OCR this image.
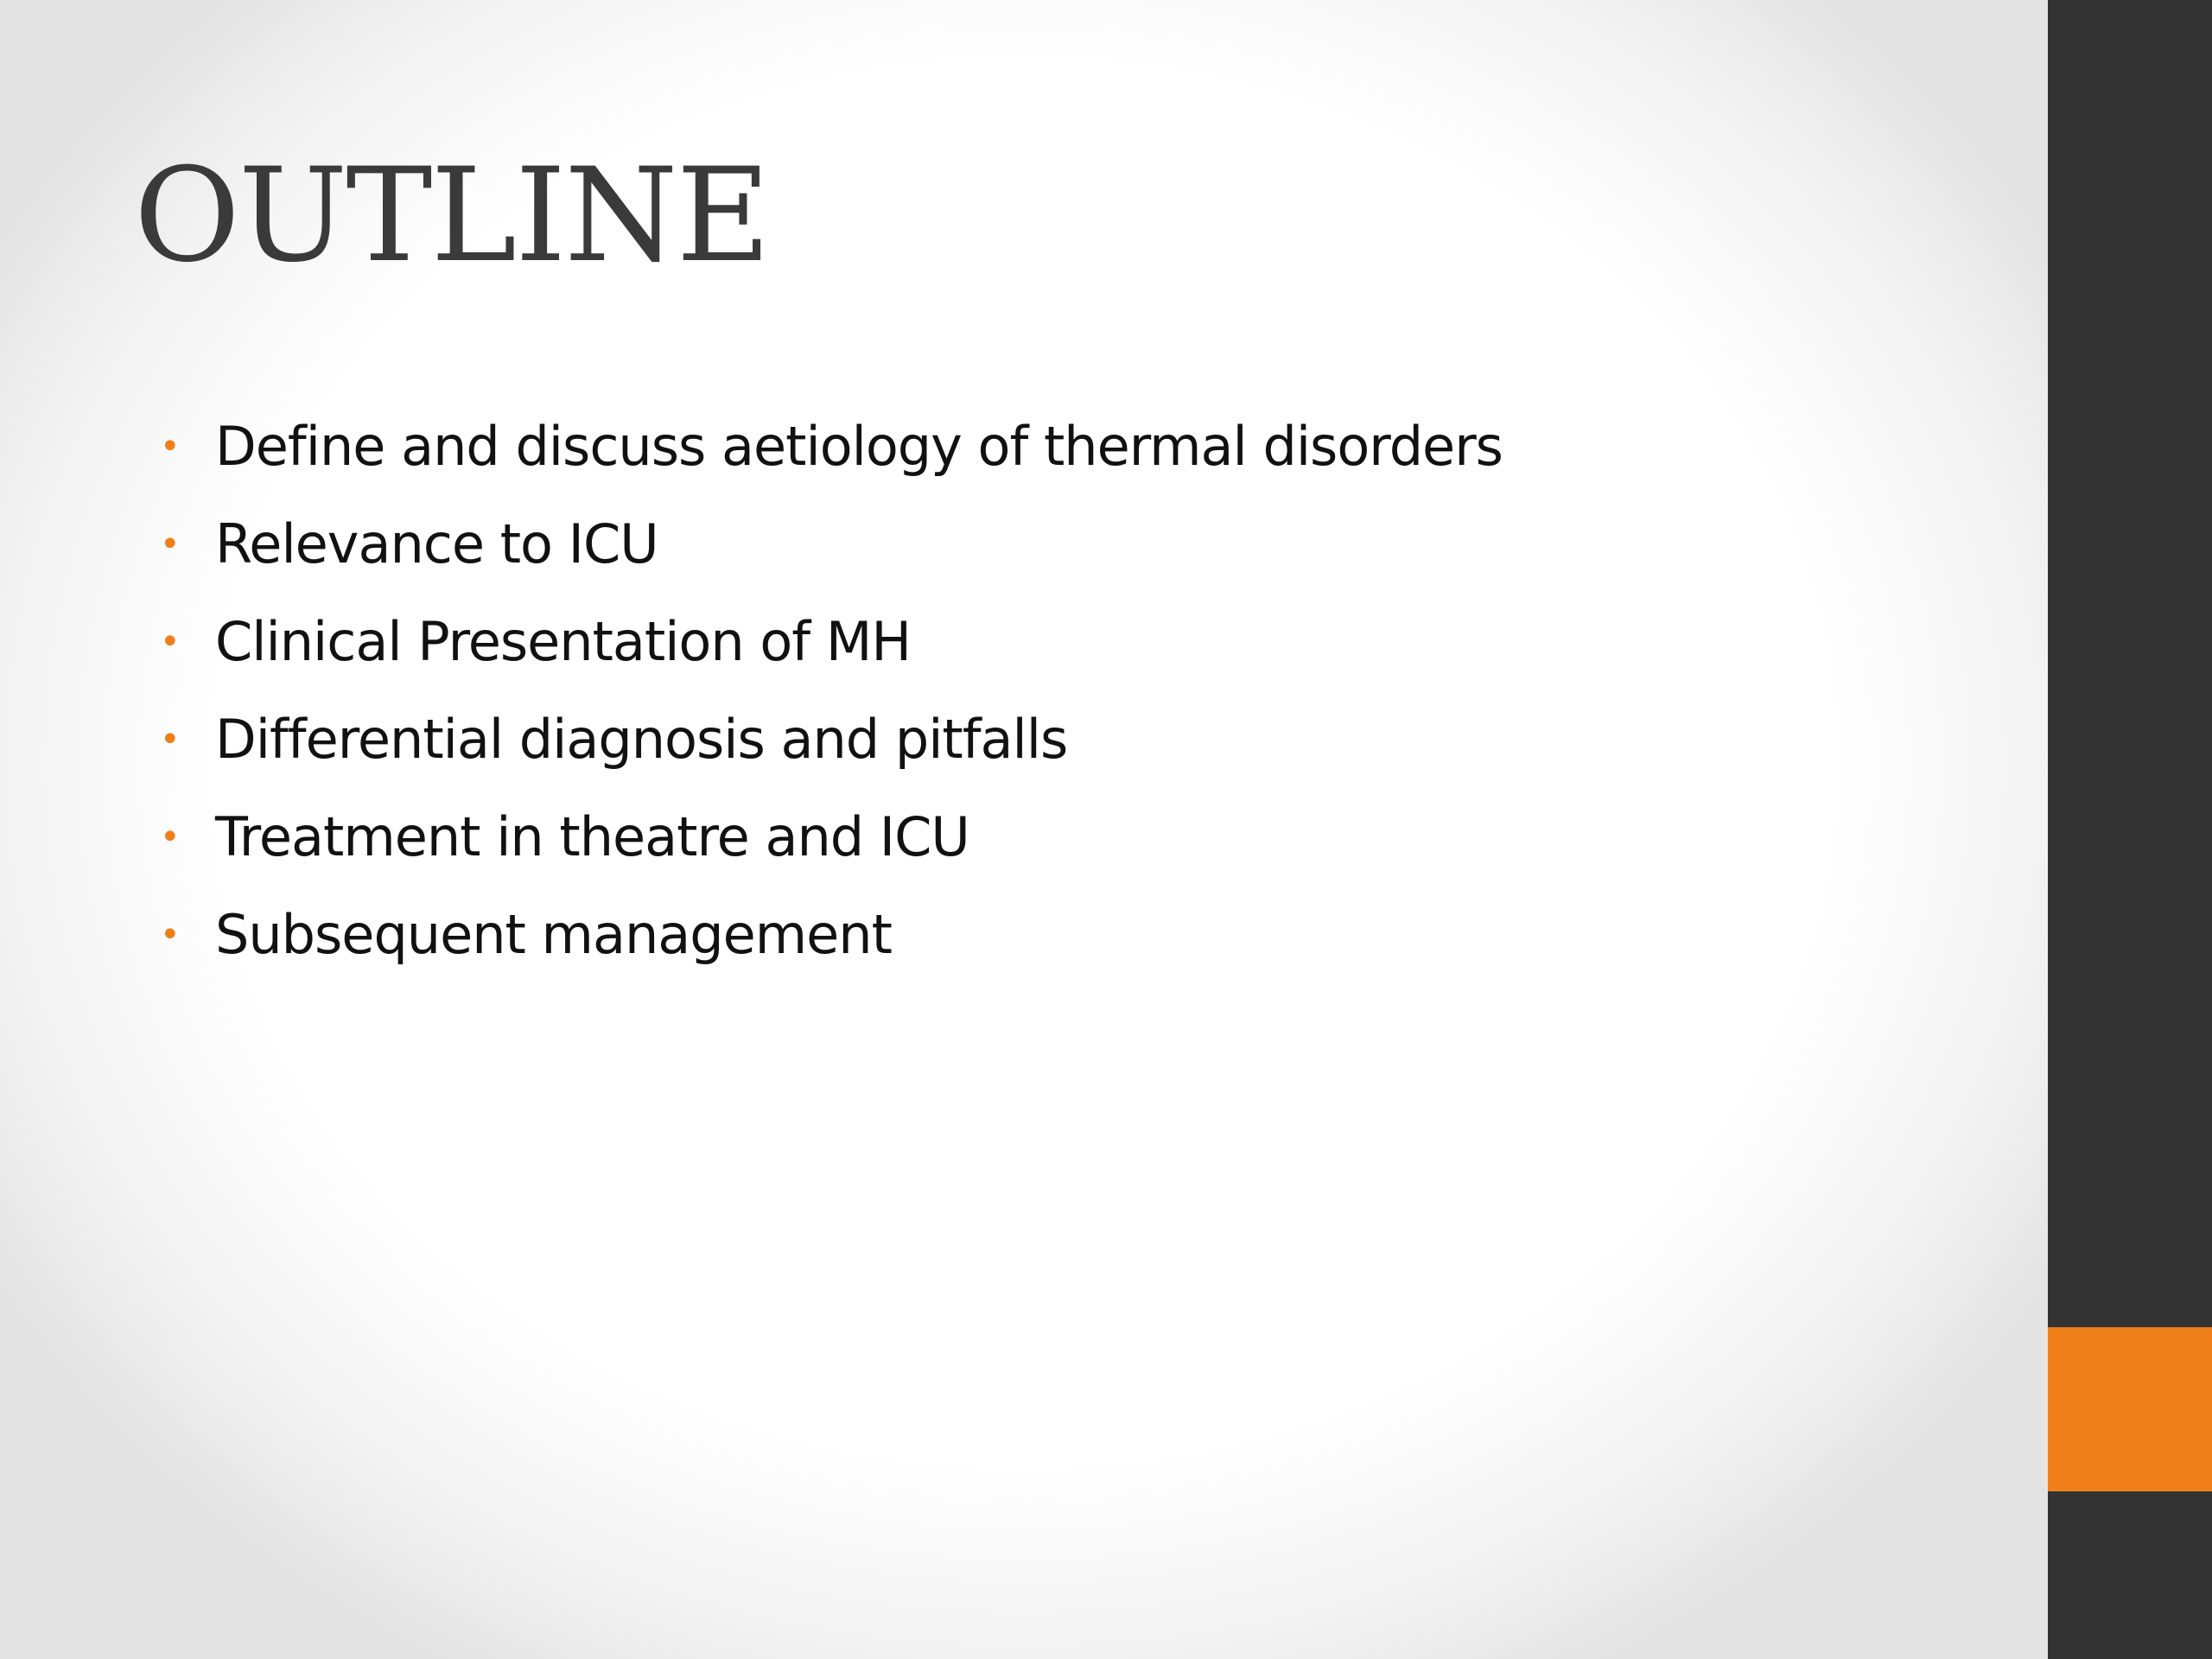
OUTLINE
• Define and discuss aetiology of thermal disorders
• Relevance to ICU
• Clinical Presentation of MH
• Differential diagnosis and pitfalls
• Treatment in theatre and ICU
• Subsequent management
